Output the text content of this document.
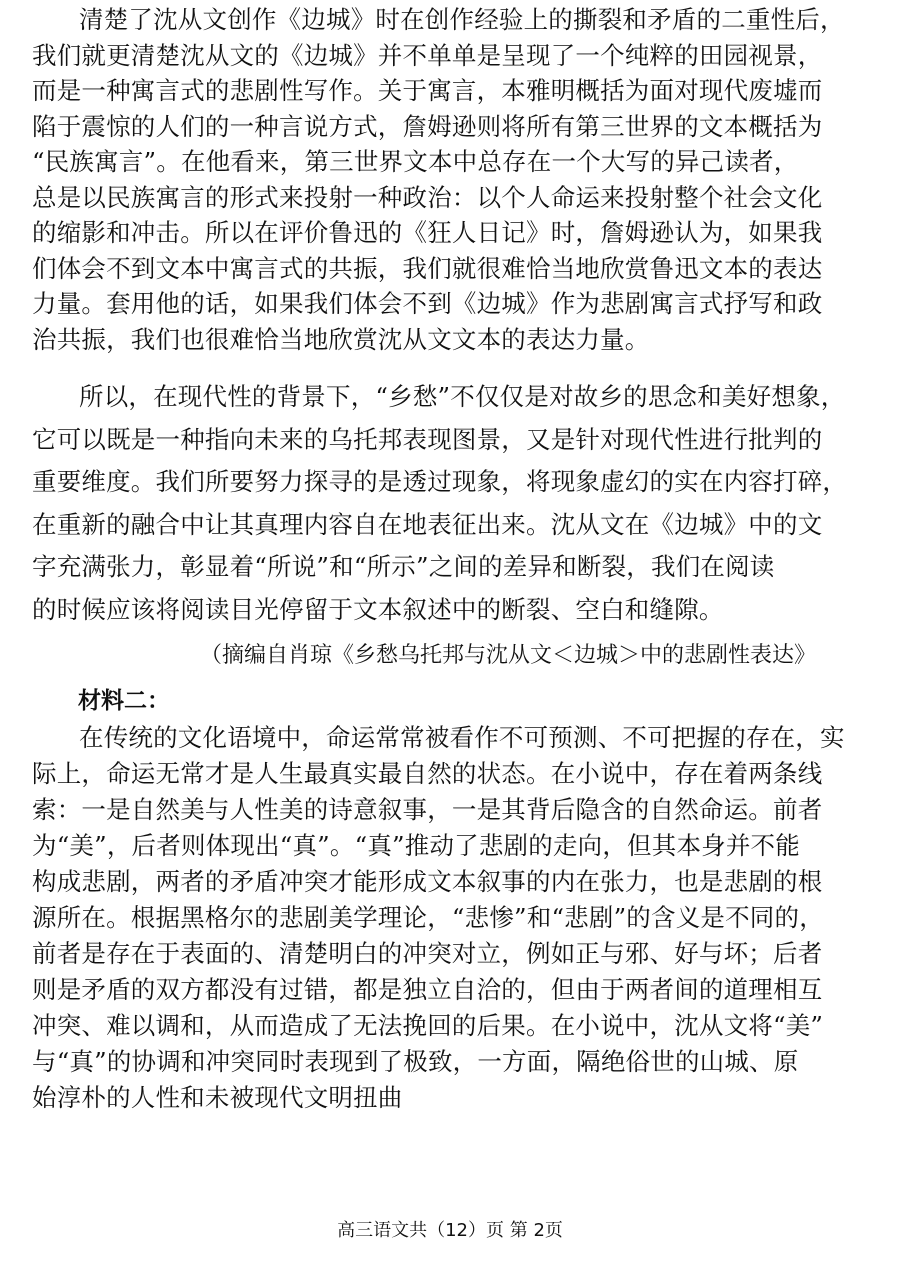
清楚了沈从文创作《边城》时在创作经验上的撕裂和矛盾的二重性后，
我们就更清楚沈从文的《边城》并不单单是呈现了一个纯粹的田园视景，
而是一种寓言式的悲剧性写作。关于寓言，本雅明概括为面对现代废墟而
陷于震惊的人们的一种言说方式，詹姆逊则将所有第三世界的文本概括为
“民族寓言”。在他看来，第三世界文本中总存在一个大写的异己读者，
总是以民族寓言的形式来投射一种政治：以个人命运来投射整个社会文化
的缩影和冲击。所以在评价鲁迅的《狂人日记》时，詹姆逊认为，如果我
们体会不到文本中寓言式的共振，我们就很难恰当地欣赏鲁迅文本的表达
力量。套用他的话，如果我们体会不到《边城》作为悲剧寓言式抒写和政
治共振，我们也很难恰当地欣赏沈从文文本的表达力量。
所以，在现代性的背景下，“乡愁”不仅仅是对故乡的思念和美好想象，
它可以既是一种指向未来的乌托邦表现图景，又是针对现代性进行批判的
重要维度。我们所要努力探寻的是透过现象，将现象虚幻的实在内容打碎，
在重新的融合中让其真理内容自在地表征出来。沈从文在《边城》中的文
字充满张力，彰显着“所说”和“所示”之间的差异和断裂，我们在阅读
的时候应该将阅读目光停留于文本叙述中的断裂、空白和缝隙。
（摘编自肖琼《乡愁乌托邦与沈从文＜边城＞中的悲剧性表达》
材料二：
在传统的文化语境中，命运常常被看作不可预测、不可把握的存在，实
际上，命运无常才是人生最真实最自然的状态。在小说中，存在着两条线
索：一是自然美与人性美的诗意叙事，一是其背后隐含的自然命运。前者
为“美”，后者则体现出“真”。“真”推动了悲剧的走向，但其本身并不能
构成悲剧，两者的矛盾冲突才能形成文本叙事的内在张力，也是悲剧的根
源所在。根据黑格尔的悲剧美学理论，“悲惨”和“悲剧”的含义是不同的，
前者是存在于表面的、清楚明白的冲突对立，例如正与邪、好与坏；后者
则是矛盾的双方都没有过错，都是独立自洽的，但由于两者间的道理相互
冲突、难以调和，从而造成了无法挽回的后果。在小说中，沈从文将“美”
与“真”的协调和冲突同时表现到了极致，一方面，隔绝俗世的山城、原
始淳朴的人性和未被现代文明扭曲
高三语文共（12）页 第 2页
